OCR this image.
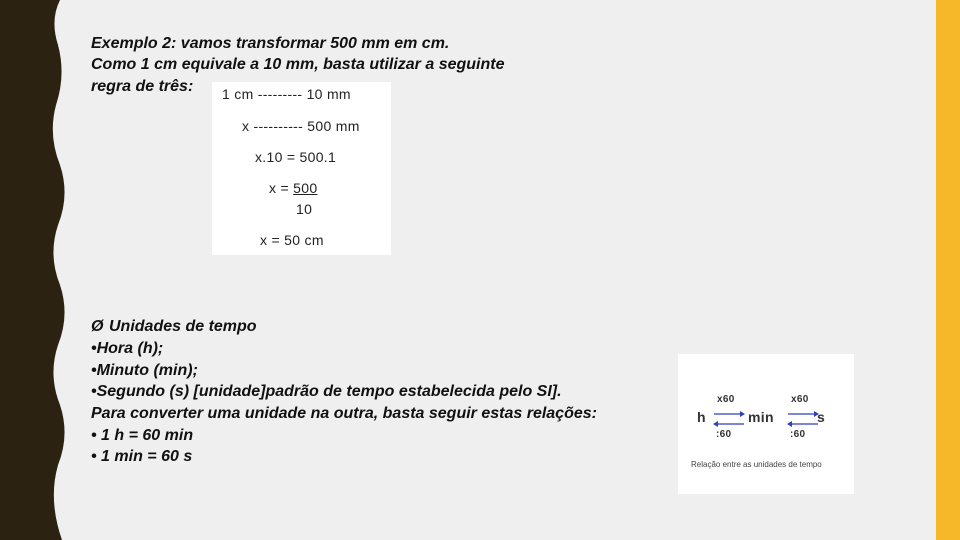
Exemplo 2: vamos transformar 500 mm em cm.
Como 1 cm equivale a 10 mm, basta utilizar a seguinte
regra de três: 1 cm --------- 10 mm
x ---------- 500 mm
x.10 = 500.1
x = 500
10
x = 50 cm
Ø Unidades de tempo
•Hora (h);
•Minuto (min);
•Segundo (s) [unidade]padrão de tempo estabelecida pelo SI].
Para converter uma unidade na outra, basta seguir estas relações:
• 1 h = 60 min
• 1 min = 60 s
x60	x60
h	min	s
:60	:60
Relação entre as unidades de tempo
